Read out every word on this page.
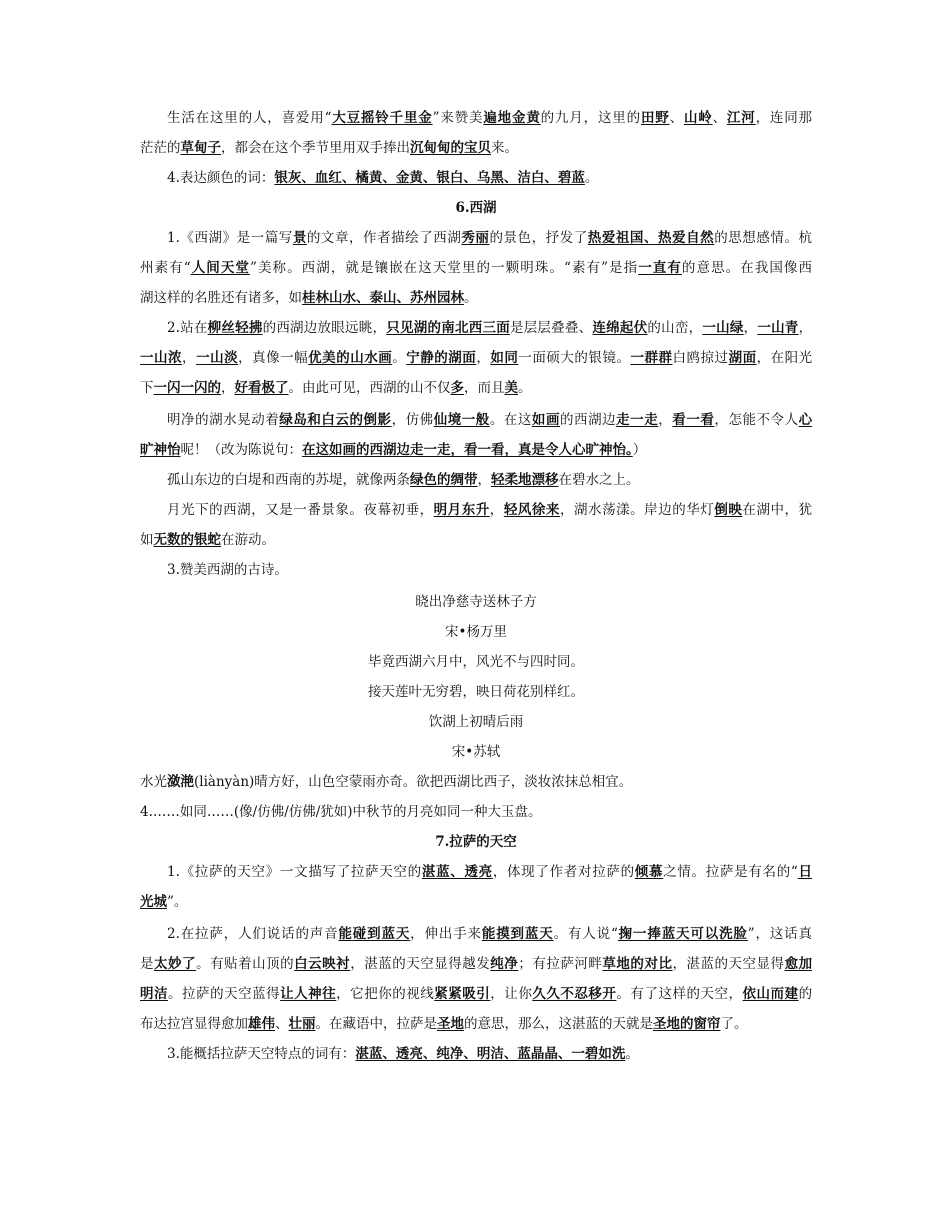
生活在这里的人，喜爱用“大豆摇铃千里金”来赞美遍地金黄的九月，这里的田野、山岭、江河，连同那
茫茫的草甸子，都会在这个季节里用双手捧出沉甸甸的宝贝来。
4.表达颜色的词：银灰、血红、橘黄、金黄、银白、乌黑、洁白、碧蓝。
6.西湖
1.《西湖》是一篇写景的文章，作者描绘了西湖秀丽的景色，抒发了热爱祖国、热爱自然的思想感情。杭
州素有“人间天堂”美称。西湖，就是镶嵌在这天堂里的一颗明珠。“素有”是指一直有的意思。在我国像西
湖这样的名胜还有诸多，如桂林山水、泰山、苏州园林。
2.站在柳丝轻拂的西湖边放眼远眺，只见湖的南北西三面是层层叠叠、连绵起伏的山峦，一山绿，一山青，
一山浓，一山淡，真像一幅优美的山水画。宁静的湖面，如同一面硕大的银镜。一群群白鸥掠过湖面，在阳光
下一闪一闪的，好看极了。由此可见，西湖的山不仅多，而且美。
明净的湖水晃动着绿岛和白云的倒影，仿佛仙境一般。在这如画的西湖边走一走，看一看，怎能不令人心
旷神怡呢！（改为陈说句：在这如画的西湖边走一走，看一看，真是令人心旷神怡。）
孤山东边的白堤和西南的苏堤，就像两条绿色的绸带，轻柔地漂移在碧水之上。
月光下的西湖，又是一番景象。夜幕初垂，明月东升，轻风徐来，湖水荡漾。岸边的华灯倒映在湖中，犹
如无数的银蛇在游动。
3.赞美西湖的古诗。
晓出净慈寺送林子方
宋•杨万里
毕竟西湖六月中，风光不与四时同。
接天莲叶无穷碧，映日荷花别样红。
饮湖上初晴后雨
宋•苏轼
水光潋滟(liànyàn)晴方好，山色空蒙雨亦奇。欲把西湖比西子，淡妆浓抹总相宜。
4.……如同……(像/仿佛/仿佛/犹如)中秋节的月亮如同一种大玉盘。
7.拉萨的天空
1.《拉萨的天空》一文描写了拉萨天空的湛蓝、透亮，体现了作者对拉萨的倾慕之情。拉萨是有名的“日
光城”。
2.在拉萨，人们说话的声音能碰到蓝天，伸出手来能摸到蓝天。有人说“掬一捧蓝天可以洗脸”，这话真
是太妙了。有贴着山顶的白云映衬，湛蓝的天空显得越发纯净；有拉萨河畔草地的对比，湛蓝的天空显得愈加
明洁。拉萨的天空蓝得让人神往，它把你的视线紧紧吸引，让你久久不忍移开。有了这样的天空，依山而建的
布达拉宫显得愈加雄伟、壮丽。在藏语中，拉萨是圣地的意思，那么，这湛蓝的天就是圣地的窗帘了。
3.能概括拉萨天空特点的词有：湛蓝、透亮、纯净、明洁、蓝晶晶、一碧如洗。
